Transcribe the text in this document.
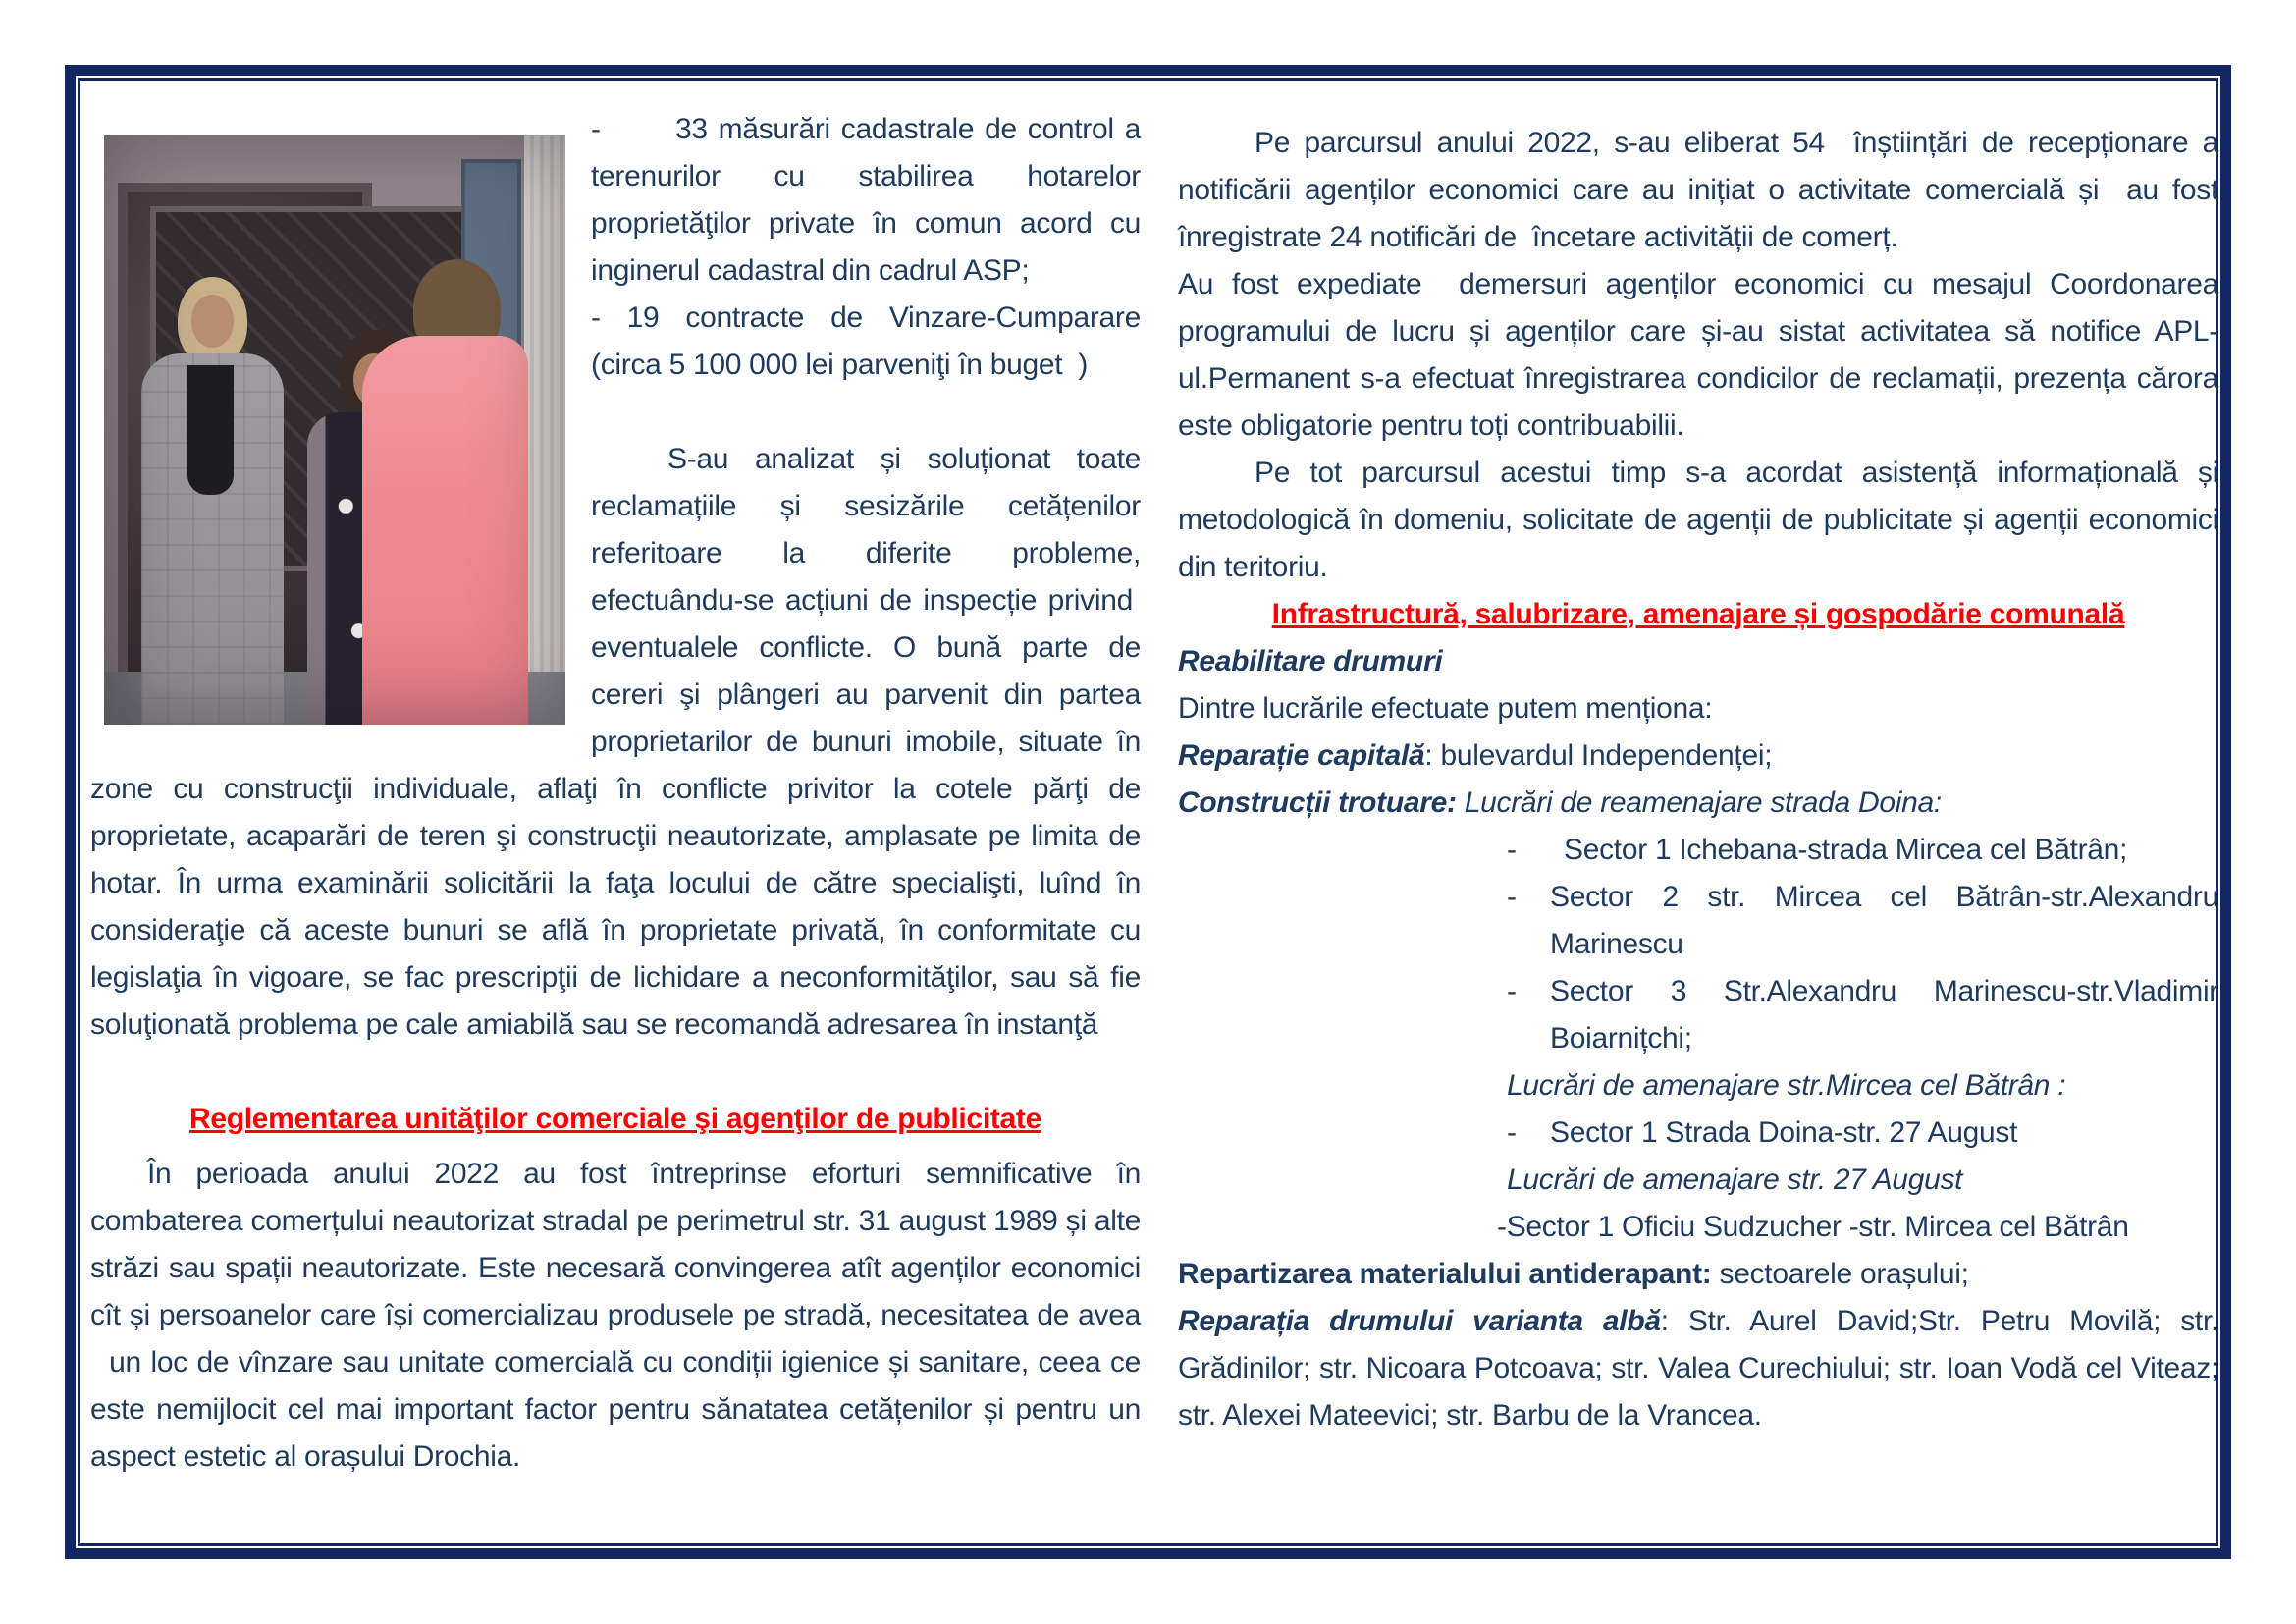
-       33 măsurări cadastrale de control a terenurilor cu stabilirea hotarelor proprietăţilor private în comun acord cu inginerul cadastral din cadrul ASP;

- 19 contracte de Vinzare-Cumparare (circa 5 100 000 lei parveniţi în buget  )

S-au analizat și soluționat toate reclamațiile și sesizările cetățenilor referitoare la diferite probleme, efectuându-se acțiuni de inspecție privind  eventualele conflicte. O bună parte de cereri şi plângeri au parvenit din partea proprietarilor de bunuri imobile, situate în zone cu construcţii individuale, aflaţi în conflicte privitor la cotele părţi de proprietate, acaparări de teren şi construcţii neautorizate, amplasate pe limita de hotar. În urma examinării solicitării la faţa locului de către specialişti, luînd în consideraţie că aceste bunuri se află în proprietate privată, în conformitate cu legislaţia în vigoare, se fac prescripţii de lichidare a neconformităţilor, sau să fie soluţionată problema pe cale amiabilă sau se recomandă adresarea în instanţă

Reglementarea unităţilor comerciale şi agenţilor de publicitate

În perioada anului 2022 au fost întreprinse eforturi semnificative în combaterea comerțului neautorizat stradal pe perimetrul str. 31 august 1989 și alte străzi sau spații neautorizate. Este necesară convingerea atît agenților economici cît și persoanelor care își comercializau produsele pe stradă, necesitatea de avea   un loc de vînzare sau unitate comercială cu condiții igienice și sanitare, ceea ce este nemijlocit cel mai important factor pentru sănatatea cetățenilor și pentru un aspect estetic al orașului Drochia.

Pe parcursul anului 2022, s-au eliberat 54  înștiințări de recepționare a notificării agenților economici care au inițiat o activitate comercială și  au fost înregistrate 24 notificări de  încetare activității de comerț.

Au fost expediate  demersuri agenților economici cu mesajul Coordonarea programului de lucru și agenților care și-au sistat activitatea să notifice APL-ul.Permanent s-a efectuat înregistrarea condicilor de reclamații, prezența cărora este obligatorie pentru toți contribuabilii.

Pe tot parcursul acestui timp s-a acordat asistență informațională și metodologică în domeniu, solicitate de agenții de publicitate și agenții economici din teritoriu.

Infrastructură, salubrizare, amenajare și gospodărie comunală

Reabilitare drumuri

Dintre lucrările efectuate putem menționa:

Reparație capitală: bulevardul Independenței;

Construcții trotuare: Lucrări de reamenajare strada Doina:

-	Sector 1 Ichebana-strada Mircea cel Bătrân;
-	Sector 2 str. Mircea cel Bătrân-str.Alexandru Marinescu
-	Sector 3 Str.Alexandru Marinescu-str.Vladimir Boiarnițchi;

Lucrări de amenajare str.Mircea cel Bătrân :

-	Sector 1 Strada Doina-str. 27 August

Lucrări de amenajare str. 27 August

-Sector 1 Oficiu Sudzucher -str. Mircea cel Bătrân

Repartizarea materialului antiderapant: sectoarele orașului;

Reparația drumului varianta albă: Str. Aurel David;Str. Petru Movilă; str. Grădinilor; str. Nicoara Potcoava; str. Valea Curechiului; str. Ioan Vodă cel Viteaz; str. Alexei Mateevici; str. Barbu de la Vrancea.
